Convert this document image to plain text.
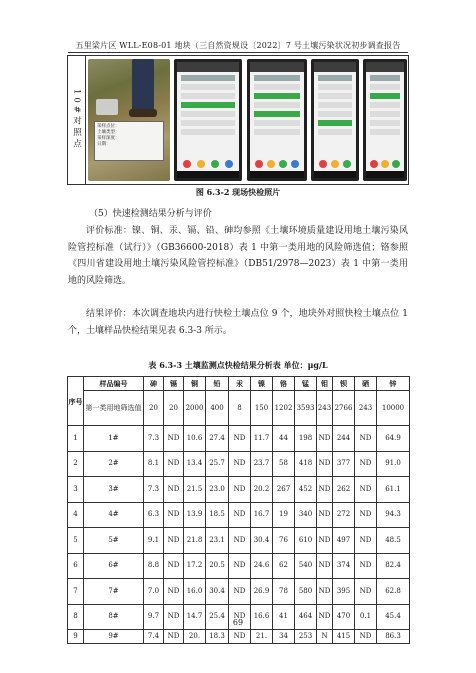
五里梁片区 WLL-E08-01 地块（三自然资规设〔2022〕7 号土壤污染状况初步调查报告
10#对照点	采样点位：
土壤类型：
采样深度：
日期：
图 6.3-2 现场快检照片
（5）快速检测结果分析与评价
评价标准：镍、铜、汞、镉、铅、砷均参照《土壤环境质量建设用地土壤污染风险管控标准（试行）》（GB36600-2018）表 1 中第一类用地的风险筛选值；铬参照《四川省建设用地土壤污染风险管控标准》（DB51/2978—2023）表 1 中第一类用地的风险筛选。
结果评价：本次调查地块内进行快检土壤点位 9 个，地块外对照快检土壤点位 1 个，土壤样品快检结果见表 6.3-3 所示。
表 6.3-3 土壤监测点快检结果分析表 单位：μg/L
序号	样品编号	砷	镉	铜	铅	汞	镍	铬	锰	钼	钡	硒	锌
	第一类用地筛选值	20	20	2000	400	8	150	1202	3593	243	2766	243	10000
1	1#	7.3	ND	10.6	27.4	ND	11.7	44	198	ND	244	ND	64.9
2	2#	8.1	ND	13.4	25.7	ND	23.7	58	418	ND	377	ND	91.0
3	3#	7.3	ND	21.5	23.0	ND	20.2	267	452	ND	262	ND	61.1
4	4#	6.3	ND	13.9	18.5	ND	16.7	19	340	ND	272	ND	94.3
5	5#	9.1	ND	21.8	23.1	ND	30.4	76	610	ND	497	ND	48.5
6	6#	8.8	ND	17.2	20.5	ND	24.6	62	540	ND	374	ND	82.4
7	7#	7.0	ND	16.0	30.4	ND	26.9	78	580	ND	395	ND	62.8
8	8#	9.7	ND	14.7	25.4	ND	16.6	41	464	ND	470	0.1	45.4
9	9#	7.4	ND	20.	18.3	ND	21.	34	253	N	415	ND	86.3
69
